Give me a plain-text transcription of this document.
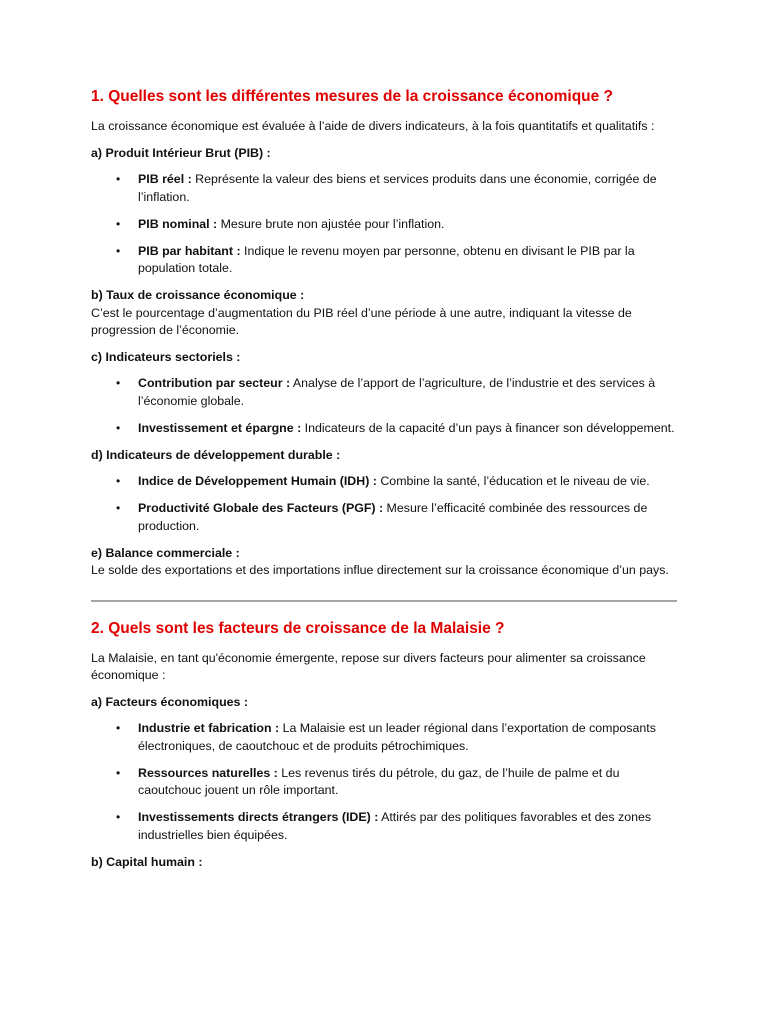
1. Quelles sont les différentes mesures de la croissance économique ?

La croissance économique est évaluée à l’aide de divers indicateurs, à la fois quantitatifs et qualitatifs :

a) Produit Intérieur Brut (PIB) :

• PIB réel : Représente la valeur des biens et services produits dans une économie, corrigée de l’inflation.
• PIB nominal : Mesure brute non ajustée pour l’inflation.
• PIB par habitant : Indique le revenu moyen par personne, obtenu en divisant le PIB par la population totale.
b) Taux de croissance économique :
C’est le pourcentage d’augmentation du PIB réel d’une période à une autre, indiquant la vitesse de progression de l’économie.

c) Indicateurs sectoriels :

• Contribution par secteur : Analyse de l’apport de l’agriculture, de l’industrie et des services à l’économie globale.
• Investissement et épargne : Indicateurs de la capacité d’un pays à financer son développement.

d) Indicateurs de développement durable :

• Indice de Développement Humain (IDH) : Combine la santé, l’éducation et le niveau de vie.
• Productivité Globale des Facteurs (PGF) : Mesure l’efficacité combinée des ressources de production.
e) Balance commerciale :
Le solde des exportations et des importations influe directement sur la croissance économique d’un pays.
2. Quels sont les facteurs de croissance de la Malaisie ?

La Malaisie, en tant qu'économie émergente, repose sur divers facteurs pour alimenter sa croissance économique :

a) Facteurs économiques :

• Industrie et fabrication : La Malaisie est un leader régional dans l’exportation de composants électroniques, de caoutchouc et de produits pétrochimiques.
• Ressources naturelles : Les revenus tirés du pétrole, du gaz, de l’huile de palme et du caoutchouc jouent un rôle important.
• Investissements directs étrangers (IDE) : Attirés par des politiques favorables et des zones industrielles bien équipées.

b) Capital humain :
